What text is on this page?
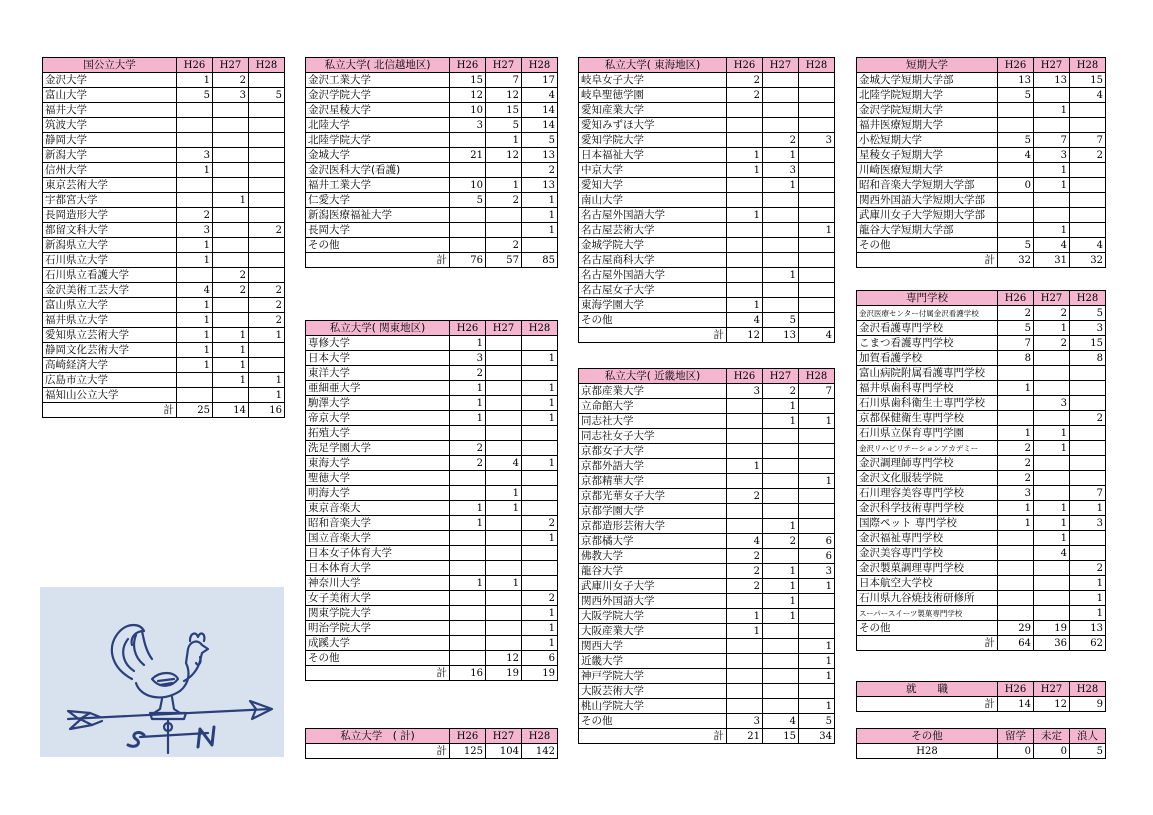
国公立大学	H26	H27	H28
金沢大学	1	2	
富山大学	5	3	5
福井大学			
筑波大学			
静岡大学			
新潟大学	3		
信州大学	1		
東京芸術大学			
宇都宮大学		1	
長岡造形大学	2		
都留文科大学	3		2
新潟県立大学	1		
石川県立大学	1		
石川県立看護大学		2	
金沢美術工芸大学	4	2	2
富山県立大学	1		2
福井県立大学	1		2
愛知県立芸術大学	1	1	1
静岡文化芸術大学	1	1	
高崎経済大学	1	1	
広島市立大学		1	1
福知山公立大学			1
計	25	14	16
私立大学( 北信越地区)	H26	H27	H28
金沢工業大学	15	7	17
金沢学院大学	12	12	4
金沢星稜大学	10	15	14
北陸大学	3	5	14
北陸学院大学		1	5
金城大学	21	12	13
金沢医科大学(看護)			2
福井工業大学	10	1	13
仁愛大学	5	2	1
新潟医療福祉大学			1
長岡大学			1
その他		2	
計	76	57	85
私立大学( 関東地区)	H26	H27	H28
専修大学	1		
日本大学	3		1
東洋大学	2		
亜細亜大学	1		1
駒澤大学	1		1
帝京大学	1		1
拓殖大学			
洗足学園大学	2		
東海大学	2	4	1
聖徳大学			
明海大学		1	
東京音楽大	1	1	
昭和音楽大学	1		2
国立音楽大学			1
日本女子体育大学			
日本体育大学			
神奈川大学	1	1	
女子美術大学			2
関東学院大学			1
明治学院大学			1
成蹊大学			1
その他		12	6
計	16	19	19
私立大学　( 計)	H26	H27	H28
計	125	104	142
私立大学( 東海地区)	H26	H27	H28
岐阜女子大学	2		
岐阜聖徳学園	2		
愛知産業大学			
愛知みずほ大学			
愛知学院大学		2	3
日本福祉大学	1	1	
中京大学	1	3	
愛知大学		1	
南山大学			
名古屋外国語大学	1		
名古屋芸術大学			1
金城学院大学			
名古屋商科大学			
名古屋外国語大学		1	
名古屋女子大学			
東海学園大学	1		
その他	4	5	
計	12	13	4
私立大学( 近畿地区)	H26	H27	H28
京都産業大学	3	2	7
立命館大学		1	
同志社大学		1	1
同志社女子大学			
京都女子大学			
京都外語大学	1		
京都精華大学			1
京都光華女子大学	2		
京都学園大学			
京都造形芸術大学		1	
京都橘大学	4	2	6
佛教大学	2		6
龍谷大学	2	1	3
武庫川女子大学	2	1	1
関西外国語大学		1	
大阪学院大学	1	1	
大阪産業大学	1		
関西大学			1
近畿大学			1
神戸学院大学			1
大阪芸術大学			
桃山学院大学			1
その他	3	4	5
計	21	15	34
短期大学	H26	H27	H28
金城大学短期大学部	13	13	15
北陸学院短期大学	5		4
金沢学院短期大学		1	
福井医療短期大学			
小松短期大学	5	7	7
星稜女子短期大学	4	3	2
川崎医療短期大学		1	
昭和音楽大学短期大学部	0	1	
関西外国語大学短期大学部			
武庫川女子大学短期大学部			
龍谷大学短期大学部		1	
その他	5	4	4
計	32	31	32
専門学校	H26	H27	H28
金沢医療センター付属金沢看護学校	2	2	5
金沢看護専門学校	5	1	3
こまつ看護専門学校	7	2	15
加賀看護学校	8		8
富山病院附属看護専門学校			
福井県歯科専門学校	1		
石川県歯科衛生士専門学校		3	
京都保健衛生専門学校			2
石川県立保育専門学園	1	1	
金沢リハビリテーションアカデミー	2	1	
金沢調理師専門学校	2		
金沢文化服装学院	2		
石川理容美容専門学校	3		7
金沢科学技術専門学校	1	1	1
国際ペット 専門学校	1	1	3
金沢福祉専門学校		1	
金沢美容専門学校		4	
金沢製菓調理専門学校			2
日本航空大学校			1
石川県九谷焼技術研修所			1
スーパースイーツ製菓専門学校			1
その他	29	19	13
計	64	36	62
就　　職	H26	H27	H28
計	14	12	9
その他	留学	未定	浪人
H28	0	0	5
